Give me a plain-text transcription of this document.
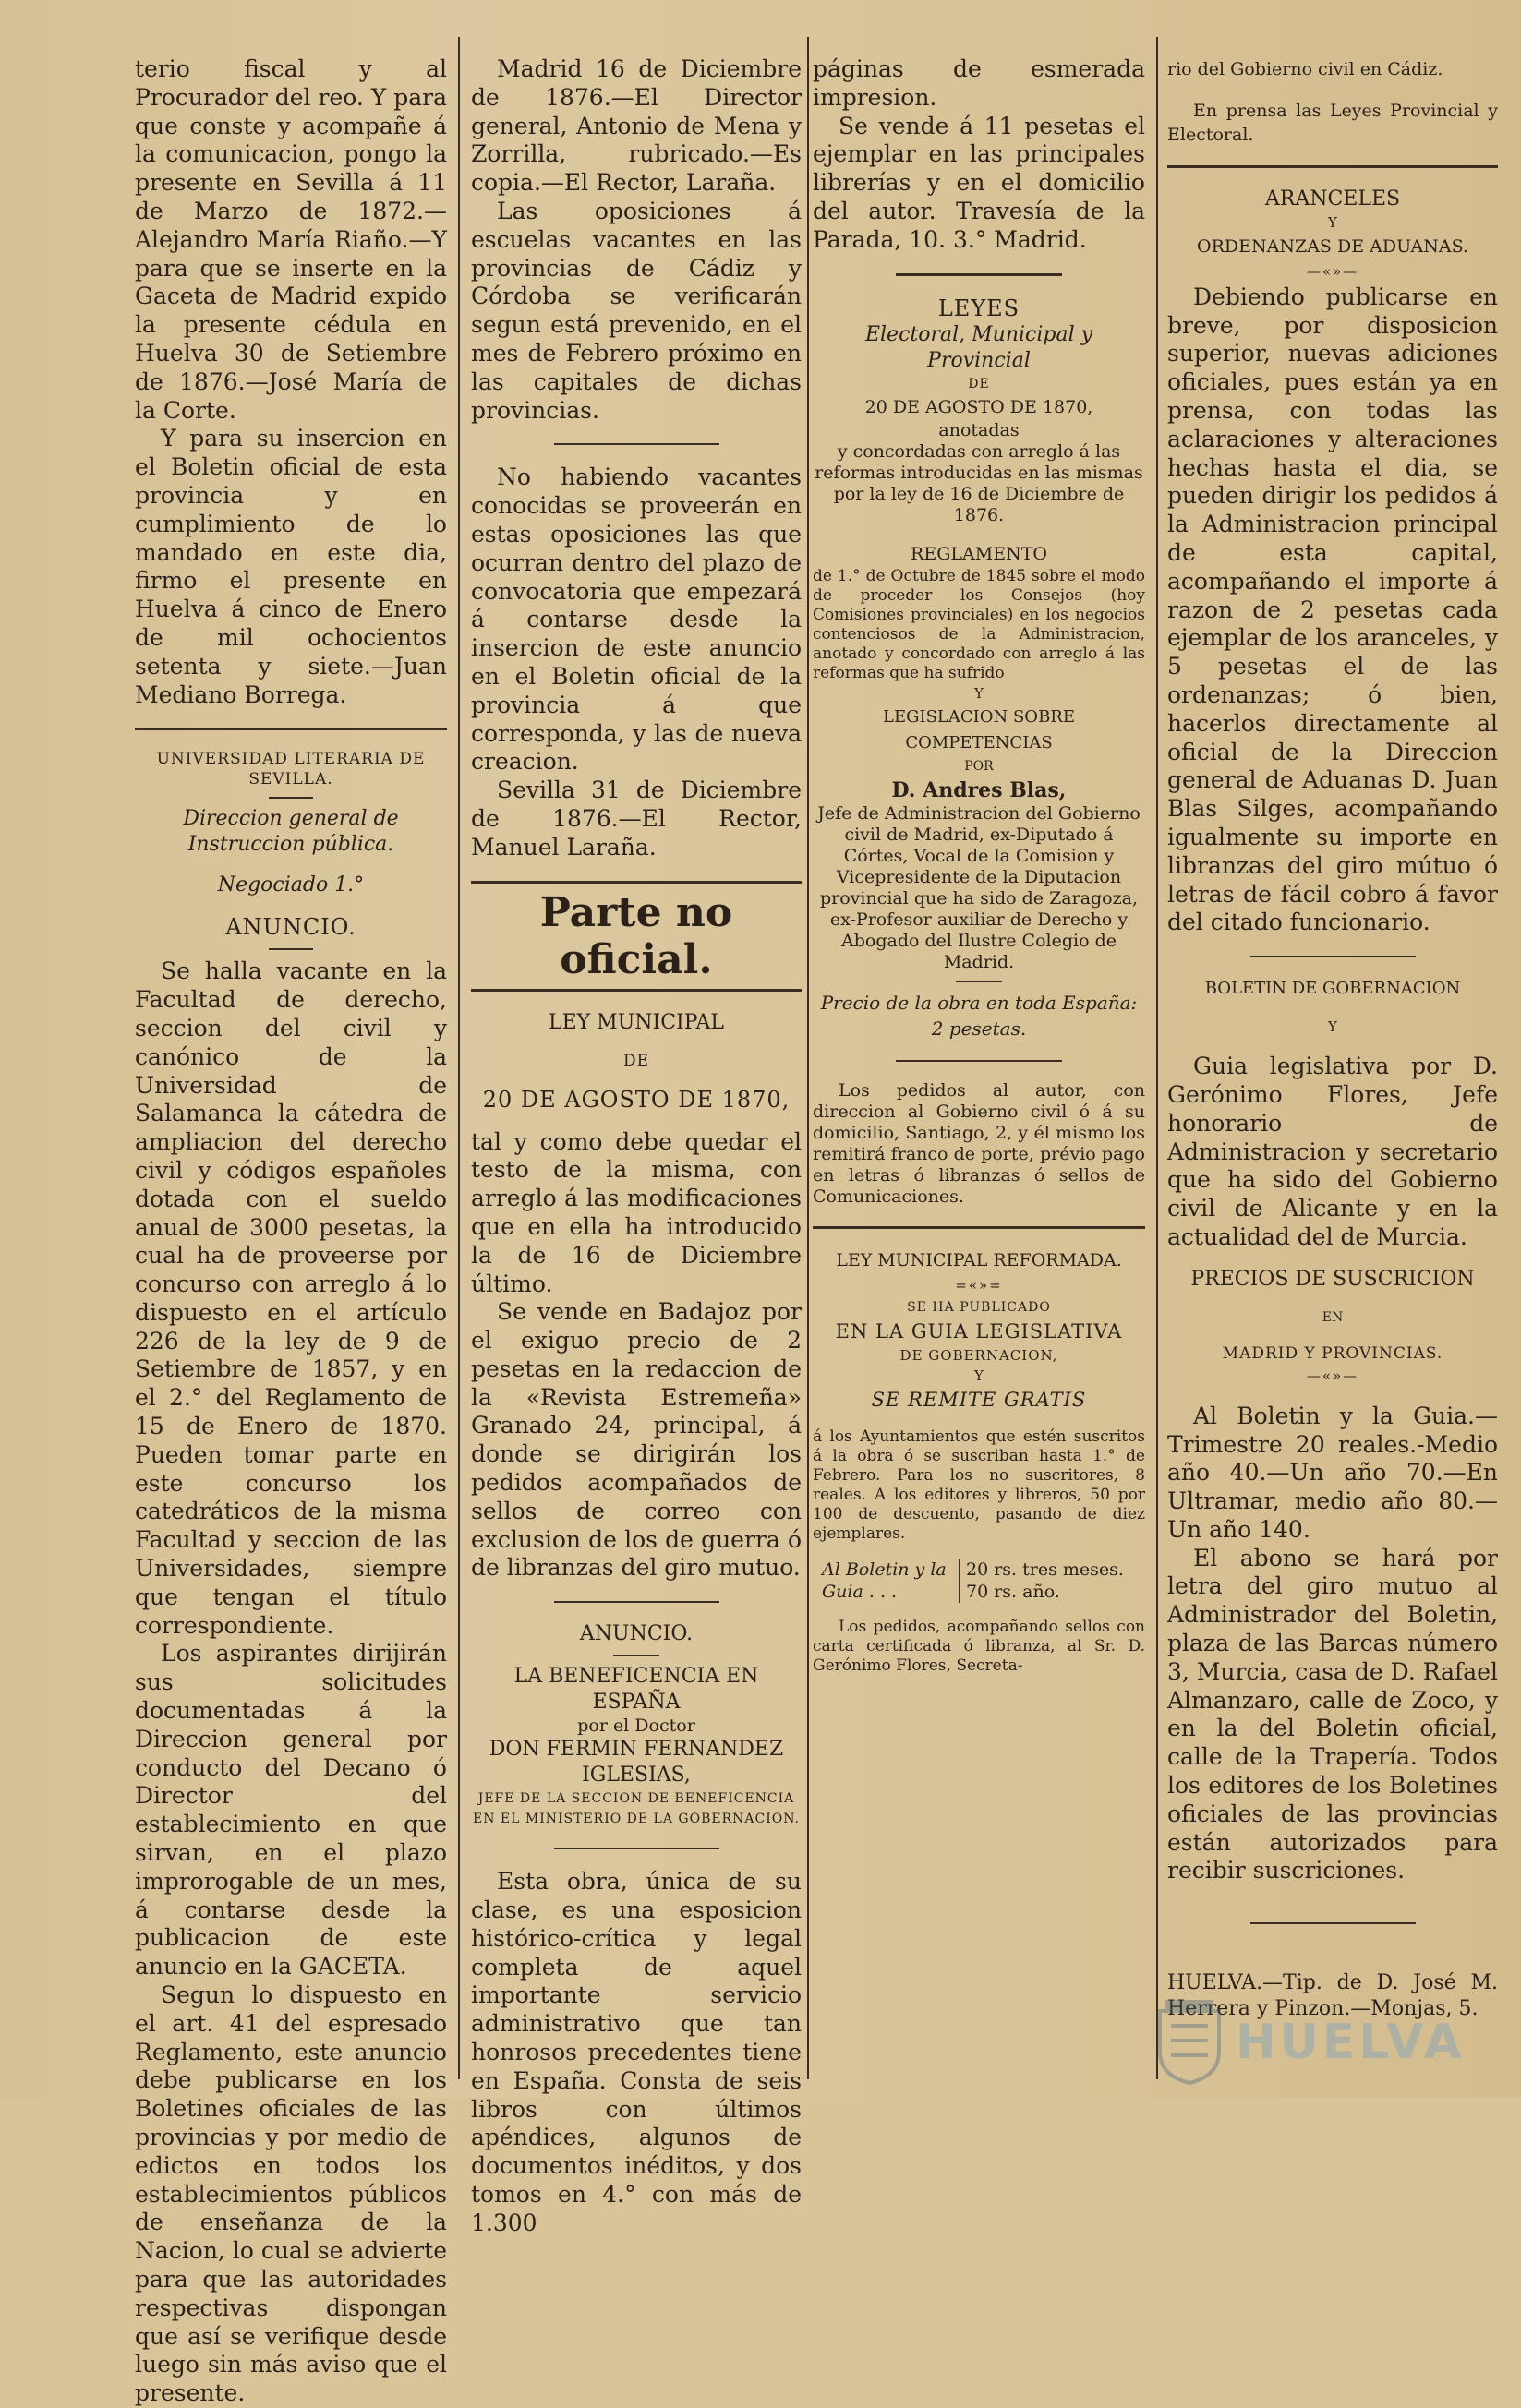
terio fiscal y al Procurador del reo. Y para que conste y acompañe á la comunicacion, pongo la presente en Sevilla á 11 de Marzo de 1872.—Alejandro María Riaño.—Y para que se inserte en la Gaceta de Madrid expido la presente cédula en Huelva 30 de Setiembre de 1876.—José María de la Corte.

Y para su insercion en el Boletin oficial de esta provincia y en cumplimiento de lo mandado en este dia, firmo el presente en Huelva á cinco de Enero de mil ochocientos setenta y siete.—Juan Mediano Borrega.

UNIVERSIDAD LITERARIA DE SEVILLA.
Direccion general de Instruccion pública.
Negociado 1.°
ANUNCIO.

Se halla vacante en la Facultad de derecho, seccion del civil y canónico de la Universidad de Salamanca la cátedra de ampliacion del derecho civil y códigos españoles dotada con el sueldo anual de 3000 pesetas, la cual ha de proveerse por concurso con arreglo á lo dispuesto en el artículo 226 de la ley de 9 de Setiembre de 1857, y en el 2.° del Reglamento de 15 de Enero de 1870. Pueden tomar parte en este concurso los catedráticos de la misma Facultad y seccion de las Universidades, siempre que tengan el título correspondiente.

Los aspirantes dirijirán sus solicitudes documentadas á la Direccion general por conducto del Decano ó Director del establecimiento en que sirvan, en el plazo improrogable de un mes, á contarse desde la publicacion de este anuncio en la GACETA.

Segun lo dispuesto en el art. 41 del espresado Reglamento, este anuncio debe publicarse en los Boletines oficiales de las provincias y por medio de edictos en todos los establecimientos públicos de enseñanza de la Nacion, lo cual se advierte para que las autoridades respectivas dispongan que así se verifique desde luego sin más aviso que el presente.

Madrid 16 de Diciembre de 1876.—El Director general, Antonio de Mena y Zorrilla, rubricado.—Es copia.—El Rector, Laraña.

Las oposiciones á escuelas vacantes en las provincias de Cádiz y Córdoba se verificarán segun está prevenido, en el mes de Febrero próximo en las capitales de dichas provincias.

No habiendo vacantes conocidas se proveerán en estas oposiciones las que ocurran dentro del plazo de convocatoria que empezará á contarse desde la insercion de este anuncio en el Boletin oficial de la provincia á que corresponda, y las de nueva creacion.

Sevilla 31 de Diciembre de 1876.—El Rector, Manuel Laraña.

Parte no oficial.
LEY MUNICIPAL
DE
20 DE AGOSTO DE 1870,

tal y como debe quedar el testo de la misma, con arreglo á las modificaciones que en ella ha introducido la de 16 de Diciembre último.

Se vende en Badajoz por el exiguo precio de 2 pesetas en la redaccion de la «Revista Estremeña» Granado 24, principal, á donde se dirigirán los pedidos acompañados de sellos de correo con exclusion de los de guerra ó de libranzas del giro mutuo.

ANUNCIO.
LA BENEFICENCIA EN ESPAÑA
por el Doctor
DON FERMIN FERNANDEZ IGLESIAS,
JEFE DE LA SECCION DE BENEFICENCIA EN EL MINISTERIO DE LA GOBERNACION.

Esta obra, única de su clase, es una esposicion histórico-crítica y legal completa de aquel importante servicio administrativo que tan honrosos precedentes tiene en España. Consta de seis libros con últimos apéndices, algunos de documentos inéditos, y dos tomos en 4.° con más de 1.300

páginas de esmerada impresion.

Se vende á 11 pesetas el ejemplar en las principales librerías y en el domicilio del autor. Travesía de la Parada, 10. 3.° Madrid.

LEYES
Electoral, Municipal y Provincial
DE
20 DE AGOSTO DE 1870,
anotadas
y concordadas con arreglo á las reformas introducidas en las mismas por la ley de 16 de Diciembre de 1876.
REGLAMENTO

de 1.° de Octubre de 1845 sobre el modo de proceder los Consejos (hoy Comisiones provinciales) en los negocios contenciosos de la Administracion, anotado y concordado con arreglo á las reformas que ha sufrido

Y
LEGISLACION SOBRE COMPETENCIAS
POR
D. Andres Blas,
Jefe de Administracion del Gobierno civil de Madrid, ex-Diputado á Córtes, Vocal de la Comision y Vicepresidente de la Diputacion provincial que ha sido de Zaragoza, ex-Profesor auxiliar de Derecho y Abogado del Ilustre Colegio de Madrid.
Precio de la obra en toda España: 2 pesetas.

Los pedidos al autor, con direccion al Gobierno civil ó á su domicilio, Santiago, 2, y él mismo los remitirá franco de porte, prévio pago en letras ó libranzas ó sellos de Comunicaciones.

LEY MUNICIPAL REFORMADA.
=«»=
SE HA PUBLICADO
EN LA GUIA LEGISLATIVA
DE GOBERNACION,
Y
SE REMITE GRATIS

á los Ayuntamientos que estén suscritos á la obra ó se suscriban hasta 1.° de Febrero. Para los no suscritores, 8 reales. A los editores y libreros, 50 por 100 de descuento, pasando de diez ejemplares.

Al Boletin y la
Guia . . .
20 rs. tres meses.
70 rs. año.

Los pedidos, acompañando sellos con carta certificada ó libranza, al Sr. D. Gerónimo Flores, Secreta-

rio del Gobierno civil en Cádiz.

En prensa las Leyes Provincial y Electoral.

ARANCELES
Y
ORDENANZAS DE ADUANAS.
—«»—

Debiendo publicarse en breve, por disposicion superior, nuevas adiciones oficiales, pues están ya en prensa, con todas las aclaraciones y alteraciones hechas hasta el dia, se pueden dirigir los pedidos á la Administracion principal de esta capital, acompañando el importe á razon de 2 pesetas cada ejemplar de los aranceles, y 5 pesetas el de las ordenanzas; ó bien, hacerlos directamente al oficial de la Direccion general de Aduanas D. Juan Blas Silges, acompañando igualmente su importe en libranzas del giro mútuo ó letras de fácil cobro á favor del citado funcionario.

BOLETIN DE GOBERNACION
Y

Guia legislativa por D. Gerónimo Flores, Jefe honorario de Administracion y secretario que ha sido del Gobierno civil de Alicante y en la actualidad del de Murcia.

PRECIOS DE SUSCRICION
EN
MADRID Y PROVINCIAS.
—«»—

Al Boletin y la Guia.—Trimestre 20 reales.-Medio año 40.—Un año 70.—En Ultramar, medio año 80.—Un año 140.

El abono se hará por letra del giro mutuo al Administrador del Boletin, plaza de las Barcas número 3, Murcia, casa de D. Rafael Almanzaro, calle de Zoco, y en la del Boletin oficial, calle de la Trapería. Todos los editores de los Boletines oficiales de las provincias están autorizados para recibir suscriciones.

HUELVA.—Tip. de D. José M. Herrera y Pinzon.—Monjas, 5.

HUELVA
